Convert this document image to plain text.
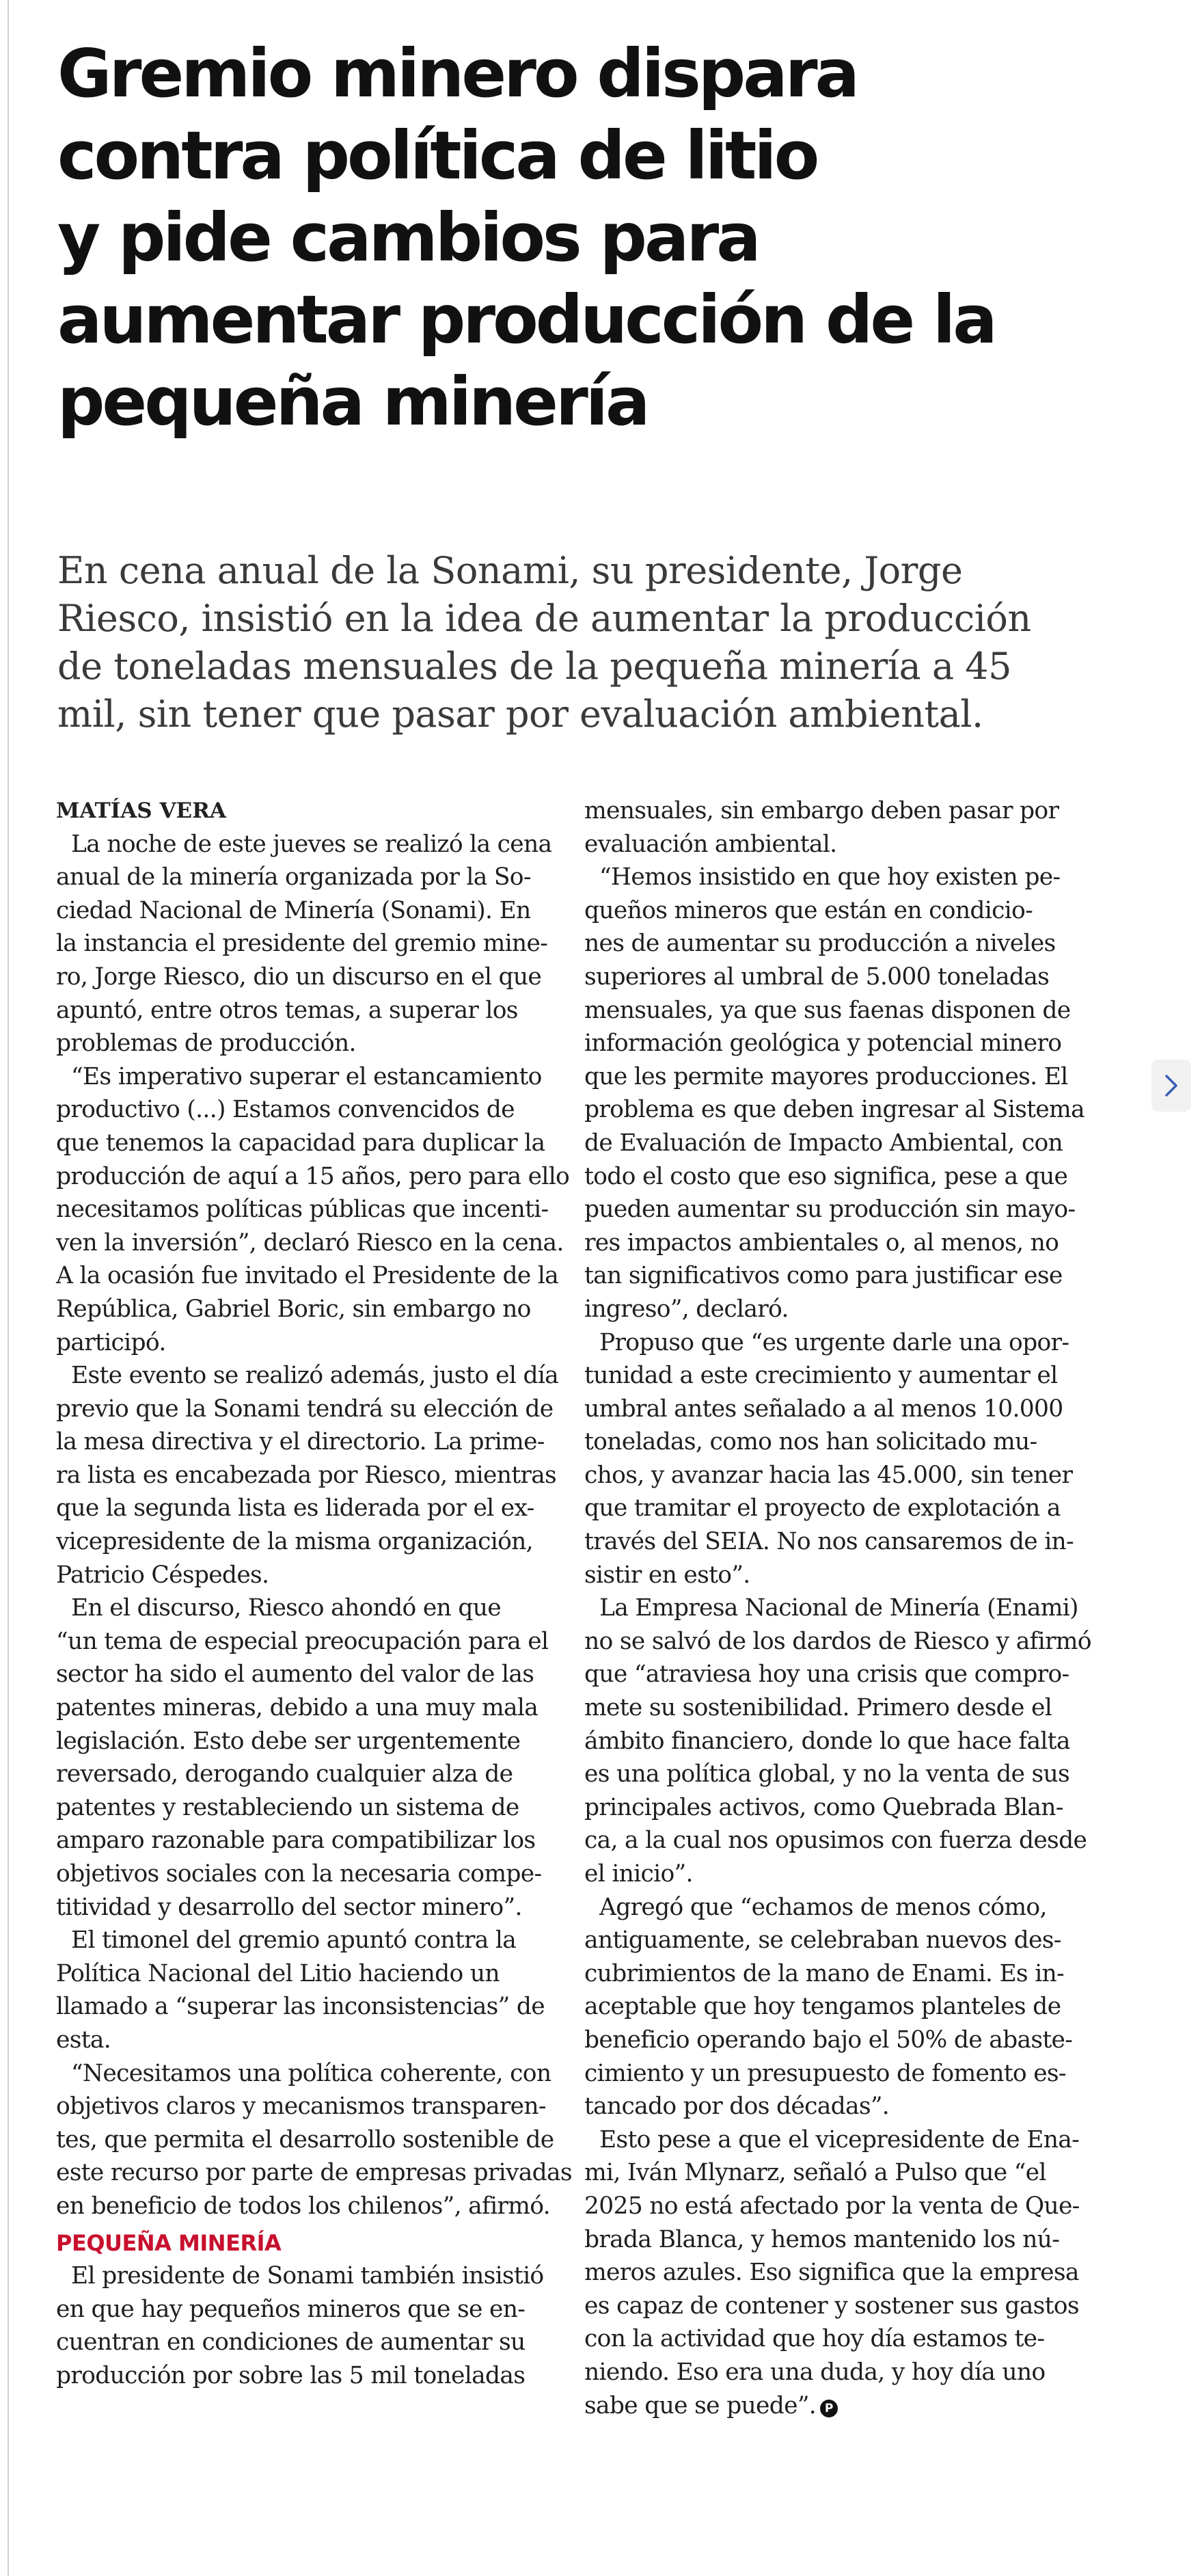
Gremio minero dispara
contra política de litio
y pide cambios para
aumentar producción de la
pequeña minería

En cena anual de la Sonami, su presidente, Jorge
Riesco, insistió en la idea de aumentar la producción
de toneladas mensuales de la pequeña minería a 45
mil, sin tener que pasar por evaluación ambiental.

MATÍAS VERA
La noche de este jueves se realizó la cena
anual de la minería organizada por la So-
ciedad Nacional de Minería (Sonami). En
la instancia el presidente del gremio mine-
ro, Jorge Riesco, dio un discurso en el que
apuntó, entre otros temas, a superar los
problemas de producción.
“Es imperativo superar el estancamiento
productivo (...) Estamos convencidos de
que tenemos la capacidad para duplicar la
producción de aquí a 15 años, pero para ello
necesitamos políticas públicas que incenti-
ven la inversión”, declaró Riesco en la cena.
A la ocasión fue invitado el Presidente de la
República, Gabriel Boric, sin embargo no
participó.
Este evento se realizó además, justo el día
previo que la Sonami tendrá su elección de
la mesa directiva y el directorio. La prime-
ra lista es encabezada por Riesco, mientras
que la segunda lista es liderada por el ex-
vicepresidente de la misma organización,
Patricio Céspedes.
En el discurso, Riesco ahondó en que
“un tema de especial preocupación para el
sector ha sido el aumento del valor de las
patentes mineras, debido a una muy mala
legislación. Esto debe ser urgentemente
reversado, derogando cualquier alza de
patentes y restableciendo un sistema de
amparo razonable para compatibilizar los
objetivos sociales con la necesaria compe-
titividad y desarrollo del sector minero”.
El timonel del gremio apuntó contra la
Política Nacional del Litio haciendo un
llamado a “superar las inconsistencias” de
esta.
“Necesitamos una política coherente, con
objetivos claros y mecanismos transparen-
tes, que permita el desarrollo sostenible de
este recurso por parte de empresas privadas
en beneficio de todos los chilenos”, afirmó.
PEQUEÑA MINERÍA
El presidente de Sonami también insistió
en que hay pequeños mineros que se en-
cuentran en condiciones de aumentar su
producción por sobre las 5 mil toneladas
mensuales, sin embargo deben pasar por
evaluación ambiental.
“Hemos insistido en que hoy existen pe-
queños mineros que están en condicio-
nes de aumentar su producción a niveles
superiores al umbral de 5.000 toneladas
mensuales, ya que sus faenas disponen de
información geológica y potencial minero
que les permite mayores producciones. El
problema es que deben ingresar al Sistema
de Evaluación de Impacto Ambiental, con
todo el costo que eso significa, pese a que
pueden aumentar su producción sin mayo-
res impactos ambientales o, al menos, no
tan significativos como para justificar ese
ingreso”, declaró.
Propuso que “es urgente darle una opor-
tunidad a este crecimiento y aumentar el
umbral antes señalado a al menos 10.000
toneladas, como nos han solicitado mu-
chos, y avanzar hacia las 45.000, sin tener
que tramitar el proyecto de explotación a
través del SEIA. No nos cansaremos de in-
sistir en esto”.
La Empresa Nacional de Minería (Enami)
no se salvó de los dardos de Riesco y afirmó
que “atraviesa hoy una crisis que compro-
mete su sostenibilidad. Primero desde el
ámbito financiero, donde lo que hace falta
es una política global, y no la venta de sus
principales activos, como Quebrada Blan-
ca, a la cual nos opusimos con fuerza desde
el inicio”.
Agregó que “echamos de menos cómo,
antiguamente, se celebraban nuevos des-
cubrimientos de la mano de Enami. Es in-
aceptable que hoy tengamos planteles de
beneficio operando bajo el 50% de abaste-
cimiento y un presupuesto de fomento es-
tancado por dos décadas”.
Esto pese a que el vicepresidente de Ena-
mi, Iván Mlynarz, señaló a Pulso que “el
2025 no está afectado por la venta de Que-
brada Blanca, y hemos mantenido los nú-
meros azules. Eso significa que la empresa
es capaz de contener y sostener sus gastos
con la actividad que hoy día estamos te-
niendo. Eso era una duda, y hoy día uno
sabe que se puede”. P
